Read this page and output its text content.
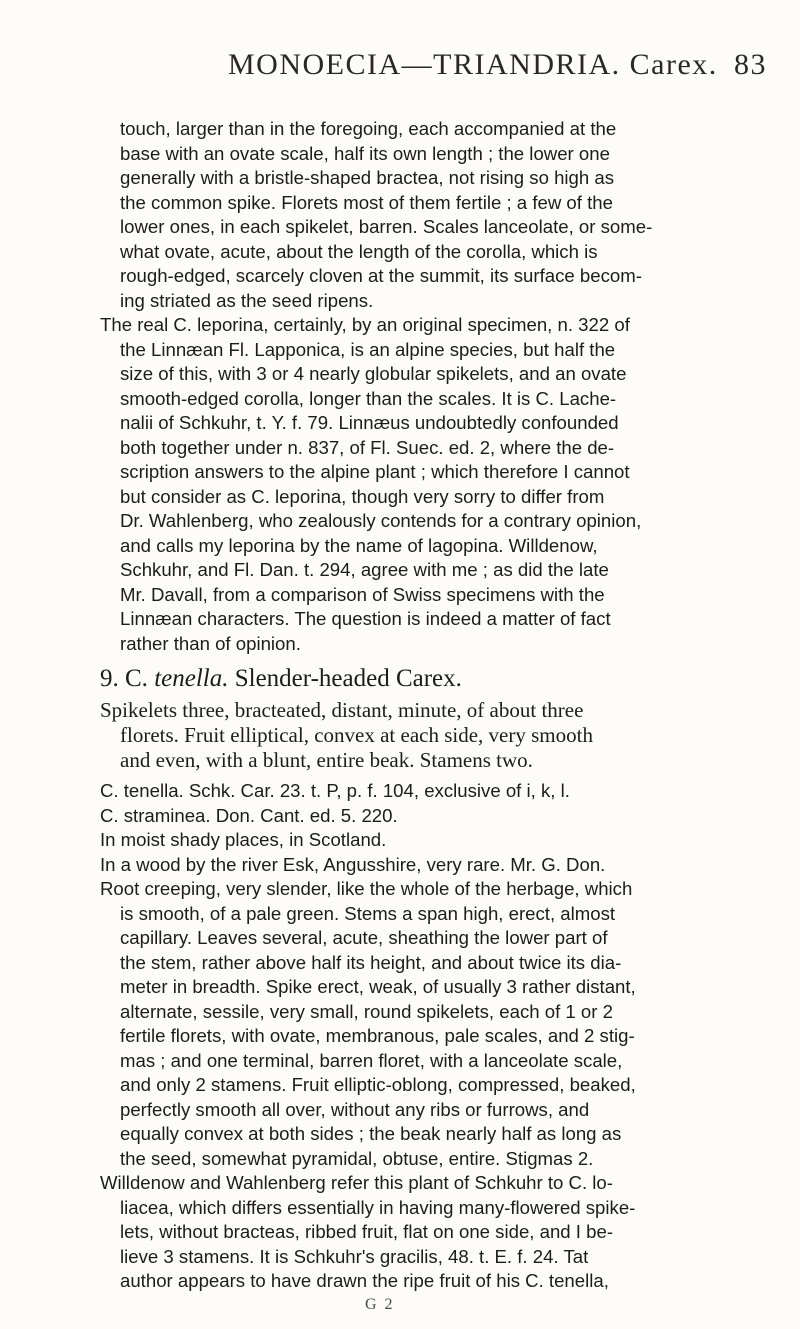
MONOECIA—TRIANDRIA. Carex. 83
touch, larger than in the foregoing, each accompanied at the
base with an ovate scale, half its own length ; the lower one
generally with a bristle-shaped bractea, not rising so high as
the common spike. Florets most of them fertile ; a few of the
lower ones, in each spikelet, barren. Scales lanceolate, or some-
what ovate, acute, about the length of the corolla, which is
rough-edged, scarcely cloven at the summit, its surface becom-
ing striated as the seed ripens.
The real C. leporina, certainly, by an original specimen, n. 322 of
the Linnæan Fl. Lapponica, is an alpine species, but half the
size of this, with 3 or 4 nearly globular spikelets, and an ovate
smooth-edged corolla, longer than the scales. It is C. Lache-
nalii of Schkuhr, t. Y. f. 79. Linnæus undoubtedly confounded
both together under n. 837, of Fl. Suec. ed. 2, where the de-
scription answers to the alpine plant ; which therefore I cannot
but consider as C. leporina, though very sorry to differ from
Dr. Wahlenberg, who zealously contends for a contrary opinion,
and calls my leporina by the name of lagopina. Willdenow,
Schkuhr, and Fl. Dan. t. 294, agree with me ; as did the late
Mr. Davall, from a comparison of Swiss specimens with the
Linnæan characters. The question is indeed a matter of fact
rather than of opinion.
9. C. tenella. Slender-headed Carex.
Spikelets three, bracteated, distant, minute, of about three
florets. Fruit elliptical, convex at each side, very smooth
and even, with a blunt, entire beak. Stamens two.
C. tenella. Schk. Car. 23. t. P, p. f. 104, exclusive of i, k, l.
C. straminea. Don. Cant. ed. 5. 220.
In moist shady places, in Scotland.
In a wood by the river Esk, Angusshire, very rare. Mr. G. Don.
Root creeping, very slender, like the whole of the herbage, which
is smooth, of a pale green. Stems a span high, erect, almost
capillary. Leaves several, acute, sheathing the lower part of
the stem, rather above half its height, and about twice its dia-
meter in breadth. Spike erect, weak, of usually 3 rather distant,
alternate, sessile, very small, round spikelets, each of 1 or 2
fertile florets, with ovate, membranous, pale scales, and 2 stig-
mas ; and one terminal, barren floret, with a lanceolate scale,
and only 2 stamens. Fruit elliptic-oblong, compressed, beaked,
perfectly smooth all over, without any ribs or furrows, and
equally convex at both sides ; the beak nearly half as long as
the seed, somewhat pyramidal, obtuse, entire. Stigmas 2.
Willdenow and Wahlenberg refer this plant of Schkuhr to C. lo-
liacea, which differs essentially in having many-flowered spike-
lets, without bracteas, ribbed fruit, flat on one side, and I be-
lieve 3 stamens. It is Schkuhr's gracilis, 48. t. E. f. 24. Tat
author appears to have drawn the ripe fruit of his C. tenella,
G 2
